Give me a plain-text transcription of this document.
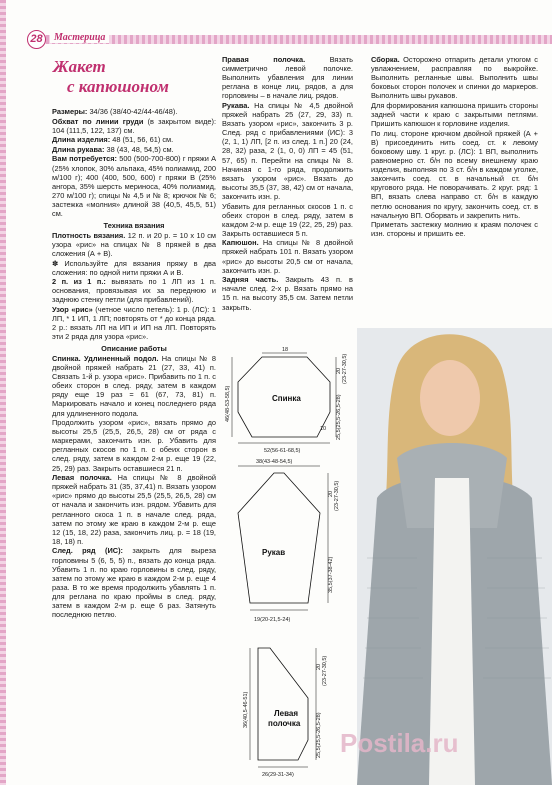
28	Мастерица
Жакет
с капюшоном

Размеры: 34/36 (38/40-42/44-46/48).

Обхват по линии груди (в закрытом виде): 104 (111,5, 122, 137) см.

Длина изделия: 48 (51, 56, 61) см.

Длина рукава: 38 (43, 48, 54,5) см.

Вам потребуется: 500 (500-700-800) г пряжи А (25% хлопок, 30% альпака, 45% полиамид, 200 м/100 г); 400 (400, 500, 600) г пряжи В (25% ангора, 35% шерсть мериноса, 40% полиамид, 270 м/100 г); спицы № 4,5 и № 8; крючок № 6; застежка «молния» длиной 38 (40,5, 45,5, 51) см.

Техника вязания

Плотность вязания. 12 п. и 20 р. = 10 х 10 см узора «рис» на спицах № 8 пряжей в два сложения (А + В).

✽ Используйте для вязания пряжу в два сложения: по одной нити пряжи А и В.

2 п. из 1 п.: вывязать по 1 ЛП из 1 п. основания, провязывая их за переднюю и заднюю стенку петли (для прибавлений).

Узор «рис» (четное число петель): 1 р. (ЛС): 1 ЛП, * 1 ИП, 1 ЛП; повторять от * до конца ряда. 2 р.: вязать ЛП на ИП и ИП на ЛП. Повторять эти 2 ряда для узора «рис».

Описание работы

Спинка. Удлиненный подол. На спицы № 8 двойной пряжей набрать 21 (27, 33, 41) п. Связать 1-й р. узора «рис». Прибавить по 1 п. с обеих сторон в след. ряду, затем в каждом ряду еще 19 раз = 61 (67, 73, 81) п. Маркировать начало и конец последнего ряда для удлиненного подола.

Продолжить узором «рис», вязать прямо до высоты 25,5 (25,5, 26,5, 28) см от ряда с маркерами, закончить изн. р. Убавить для регланных скосов по 1 п. с обеих сторон в след. ряду, затем в каждом 2-м р. еще 19 (22, 25, 29) раз. Закрыть оставшиеся 21 п.

Левая полочка. На спицы № 8 двойной пряжей набрать 31 (35, 37,41) п. Вязать узором «рис» прямо до высоты 25,5 (25,5, 26,5, 28) см от начала и закончить изн. рядом. Убавить для регланного скоса 1 п. в начале след. ряда, затем по этому же краю в каждом 2-м р. еще 12 (15, 18, 22) раза, закончить лиц. р. = 18 (19, 18, 18) п.

След. ряд (ИС): закрыть для выреза горловины 5 (6, 5, 5) п., вязать до конца ряда. Убавить 1 п. по краю горловины в след. ряду, затем по этому же краю в каждом 2-м р. еще 4 раза. В то же время продолжить убавлять 1 п. для реглана по краю проймы в след. ряду, затем в каждом 2-м р. еще 6 раз. Затянуть последнюю петлю.

Правая полочка. Вязать симметрично левой полочке. Выполнить убавления для линии реглана в конце лиц. рядов, а для горловины – в начале лиц. рядов.

Рукава. На спицы № 4,5 двойной пряжей набрать 25 (27, 29, 33) п. Вязать узором «рис», закончить 3 р. След. ряд с прибавлениями (ИС): 3 (2, 1, 1) ЛП, [2 п. из след. 1 п.] 20 (24, 28, 32) раза, 2 (1, 0, 0) ЛП = 45 (51, 57, 65) п. Перейти на спицы № 8. Начиная с 1-го ряда, продолжить вязать узором «рис». Вязать до высоты 35,5 (37, 38, 42) см от начала, закончить изн. р.

Убавить для регланных скосов 1 п. с обеих сторон в след. ряду, затем в каждом 2-м р. еще 19 (22, 25, 29) раз. Закрыть оставшиеся 5 п.

Капюшон. На спицы № 8 двойной пряжей набрать 101 п. Вязать узором «рис» до высоты 20,5 см от начала, закончить изн. р.

Задняя часть. Закрыть 43 п. в начале след. 2-х р. Вязать прямо на 15 п. на высоту 35,5 см. Затем петли закрыть.

Сборка. Осторожно отпарить детали утюгом с увлажнением, расправляя по выкройке. Выполнить регланные швы. Выполнить швы боковых сторон полочек и спинки до маркеров. Выполнить швы рукавов.

Для формирования капюшона пришить стороны задней части к краю с закрытыми петлями. Пришить капюшон к горловине изделия.

По лиц. стороне крючком двойной пряжей (А + В) присоединить нить соед. ст. к левому боковому шву. 1 круг. р. (ЛС): 1 ВП, выполнить равномерно ст. б/н по всему внешнему краю изделия, выполняя по 3 ст. б/н в каждом уголке, закончить соед. ст. в начальный ст. б/н кругового ряда. Не поворачивать. 2 круг. ряд: 1 ВП, вязать слева направо ст. б/н в каждую петлю основания по кругу, закончить соед. ст. в начальную ВП. Оборвать и закрепить нить.

Приметать застежку молнию к краям полочек с изн. стороны и пришить ее.

18
Спинка
52(56-61-68,5)
46(48-53-58,5)
20 (23-27-30,5)
25,5(25,5-26,5-28)
10
38(43-48-54,5)
Рукав
19(20-21,5-24)
20 (23-27-30,5)
35,5(37-38-42)
Левая
полочка
36(40,5-46-51)
20 (23-27-30,5)
25,5(25,5-26,5-28)
26(29-31-34)
Postila.ru
